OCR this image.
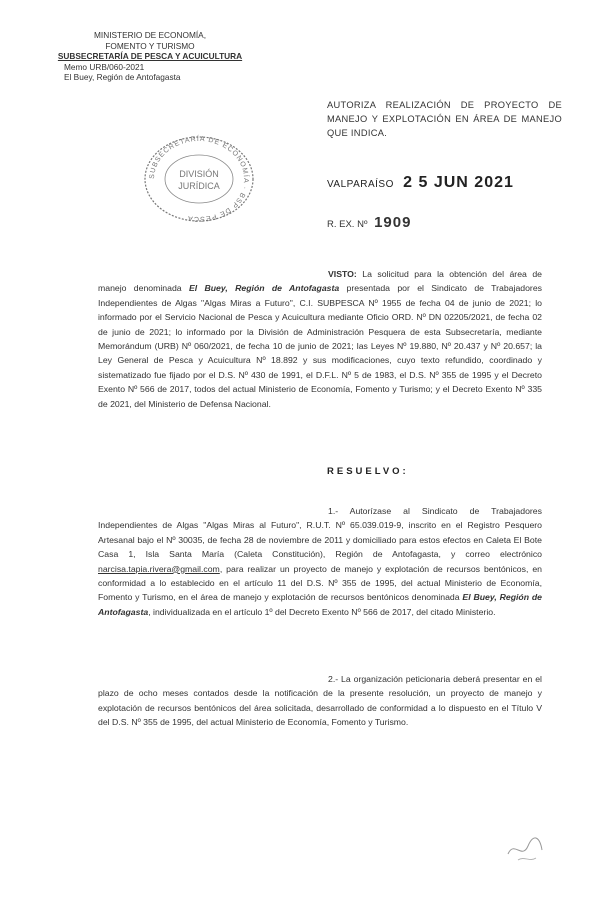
MINISTERIO DE ECONOMÍA,
FOMENTO Y TURISMO
SUBSECRETARÍA DE PESCA Y ACUICULTURA
Memo URB/060-2021
El Buey, Región de Antofagasta
AUTORIZA REALIZACIÓN DE PROYECTO DE MANEJO Y EXPLOTACIÓN EN ÁREA DE MANEJO QUE INDICA.
SUBSECRETARÍA DE ECONOMÍA · BSP DE PESCA
DIVISIÓN
JURÍDICA	VALPARAÍSO 2 5 JUN 2021
R. EX. Nº 1909
VISTO: La solicitud para la obtención del área de manejo denominada El Buey, Región de Antofagasta presentada por el Sindicato de Trabajadores Independientes de Algas "Algas Miras a Futuro", C.I. SUBPESCA Nº 1955 de fecha 04 de junio de 2021; lo informado por el Servicio Nacional de Pesca y Acuicultura mediante Oficio ORD. Nº DN 02205/2021, de fecha 02 de junio de 2021; lo informado por la División de Administración Pesquera de esta Subsecretaría, mediante Memorándum (URB) Nº 060/2021, de fecha 10 de junio de 2021; las Leyes Nº 19.880, Nº 20.437 y Nº 20.657; la Ley General de Pesca y Acuicultura Nº 18.892 y sus modificaciones, cuyo texto refundido, coordinado y sistematizado fue fijado por el D.S. Nº 430 de 1991, el D.F.L. Nº 5 de 1983, el D.S. Nº 355 de 1995 y el Decreto Exento Nº 566 de 2017, todos del actual Ministerio de Economía, Fomento y Turismo; y el Decreto Exento Nº 335 de 2021, del Ministerio de Defensa Nacional.
RESUELVO:
1.- Autorízase al Sindicato de Trabajadores Independientes de Algas "Algas Miras al Futuro", R.U.T. Nº 65.039.019-9, inscrito en el Registro Pesquero Artesanal bajo el Nº 30035, de fecha 28 de noviembre de 2011 y domiciliado para estos efectos en Caleta El Bote Casa 1, Isla Santa María (Caleta Constitución), Región de Antofagasta, y correo electrónico narcisa.tapia.rivera@gmail.com, para realizar un proyecto de manejo y explotación de recursos bentónicos, en conformidad a lo establecido en el artículo 11 del D.S. Nº 355 de 1995, del actual Ministerio de Economía, Fomento y Turismo, en el área de manejo y explotación de recursos bentónicos denominada El Buey, Región de Antofagasta, individualizada en el artículo 1º del Decreto Exento Nº 566 de 2017, del citado Ministerio.
2.- La organización peticionaria deberá presentar en el plazo de ocho meses contados desde la notificación de la presente resolución, un proyecto de manejo y explotación de recursos bentónicos del área solicitada, desarrollado de conformidad a lo dispuesto en el Título V del D.S. Nº 355 de 1995, del actual Ministerio de Economía, Fomento y Turismo.
